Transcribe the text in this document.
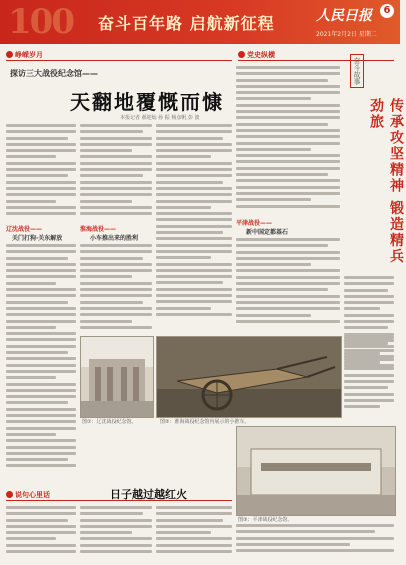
100 奋斗百年路 启航新征程	人民日报	6
2021年2月2日 星期二
峥嵘岁月	党史纵横
探访三大战役纪念馆——
天翻地覆慨而慷
本报记者 郝迎灿 孙 振 杨彦帆 彭 波
辽沈战役——
关门打狗·关东解放
淮海战役——
小车推出来的胜利
平津战役——
新中国定都基石
奋斗故事
传承攻坚精神 锻造精兵劲旅
图①：辽沈战役纪念馆。	图②：淮海战役纪念馆内展示的小推车。
图③：平津战役纪念馆。
说句心里话	日子越过越红火
